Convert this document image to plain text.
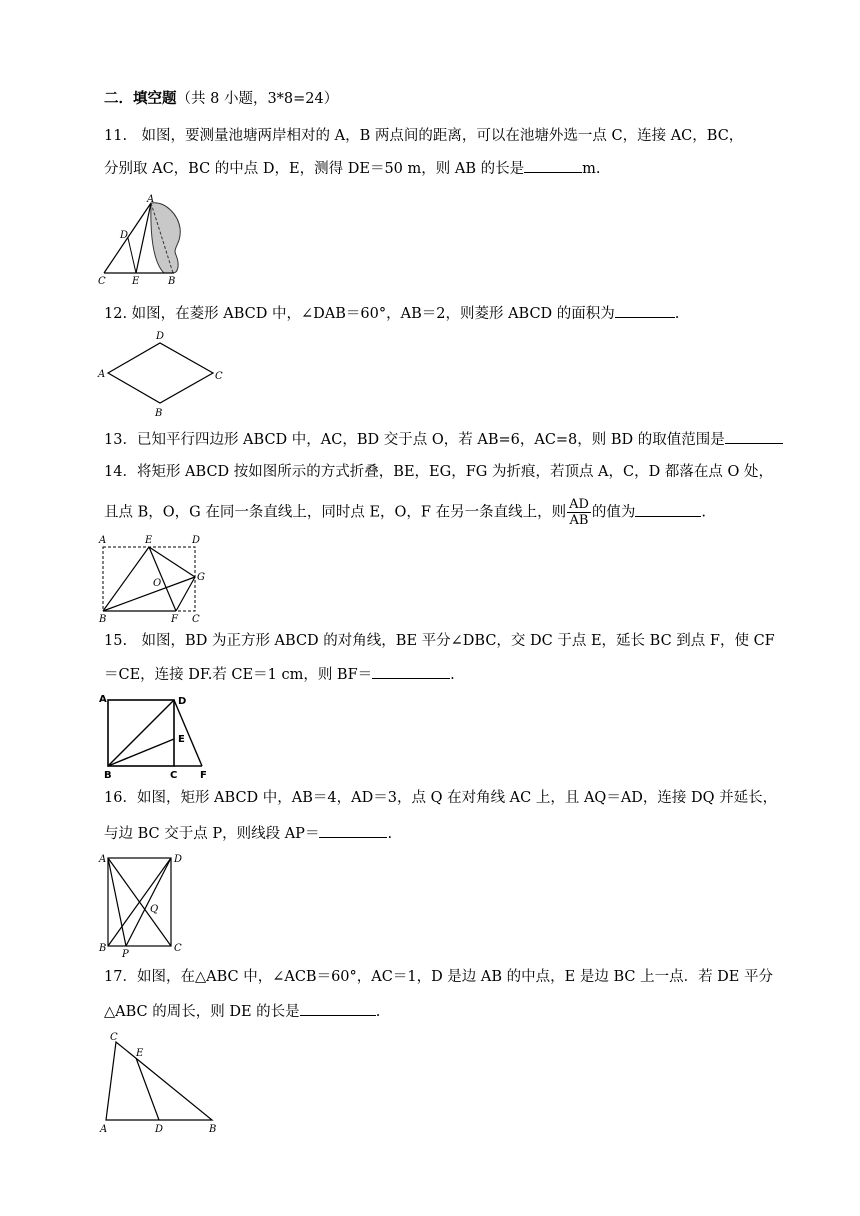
二．填空题（共 8 小题，3*8=24）
11.　如图，要测量池塘两岸相对的 A，B 两点间的距离，可以在池塘外选一点 C，连接 AC，BC，
分别取 AC，BC 的中点 D，E，测得 DE＝50 m，则 AB 的长是	m.
A
D
C	E	B
12. 如图，在菱形 ABCD 中，∠DAB＝60°，AB＝2，则菱形 ABCD 的面积为	.
D
A	C
B
13．已知平行四边形 ABCD 中，AC，BD 交于点 O，若 AB=6，AC=8，则 BD 的取值范围是
14．将矩形 ABCD 按如图所示的方式折叠，BE，EG，FG 为折痕，若顶点 A，C，D 都落在点 O 处，
且点 B，O，G 在同一条直线上，同时点 E，O，F 在另一条直线上，则 $\frac{AD}{AB}$ 的值为	.
A	E	D
G
O
B	F C
15.　如图，BD 为正方形 ABCD 的对角线，BE 平分∠DBC，交 DC 于点 E，延长 BC 到点 F，使 CF
＝CE，连接 DF.若 CE＝1 cm，则 BF＝	.
A	D
E
B	C F
16．如图，矩形 ABCD 中，AB＝4，AD＝3，点 Q 在对角线 AC 上，且 AQ＝AD，连接 DQ 并延长，
与边 BC 交于点 P，则线段 AP＝	.
A	D
Q
B
P
C
17．如图，在△ABC 中，∠ACB＝60°，AC＝1，D 是边 AB 的中点，E 是边 BC 上一点．若 DE 平分
△ABC 的周长，则 DE 的长是	.
C
E
A	D	B
